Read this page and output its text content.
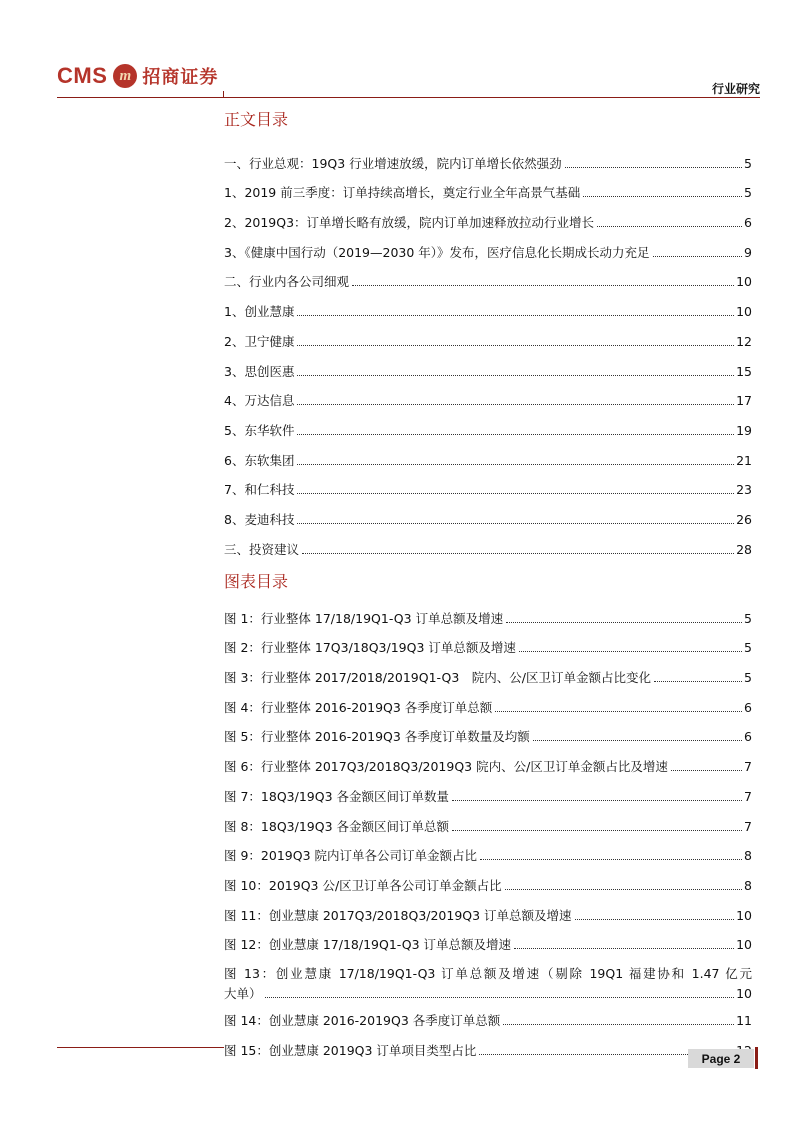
CMS m 招商证券
行业研究
正文目录
一、行业总观：19Q3 行业增速放缓，院内订单增长依然强劲	5
1、2019 前三季度：订单持续高增长，奠定行业全年高景气基础	5
2、2019Q3：订单增长略有放缓，院内订单加速释放拉动行业增长	6
3、《健康中国行动（2019—2030 年）》发布，医疗信息化长期成长动力充足	9
二、行业内各公司细观	10
1、创业慧康	10
2、卫宁健康	12
3、思创医惠	15
4、万达信息	17
5、东华软件	19
6、东软集团	21
7、和仁科技	23
8、麦迪科技	26
三、投资建议	28
图表目录
图 1：行业整体 17/18/19Q1-Q3 订单总额及增速	5
图 2：行业整体 17Q3/18Q3/19Q3 订单总额及增速	5
图 3：行业整体 2017/2018/2019Q1-Q3　院内、公/区卫订单金额占比变化	5
图 4：行业整体 2016-2019Q3 各季度订单总额	6
图 5：行业整体 2016-2019Q3 各季度订单数量及均额	6
图 6：行业整体 2017Q3/2018Q3/2019Q3 院内、公/区卫订单金额占比及增速	7
图 7：18Q3/19Q3 各金额区间订单数量	7
图 8：18Q3/19Q3 各金额区间订单总额	7
图 9：2019Q3 院内订单各公司订单金额占比	8
图 10：2019Q3 公/区卫订单各公司订单金额占比	8
图 11：创业慧康 2017Q3/2018Q3/2019Q3 订单总额及增速	10
图 12：创业慧康 17/18/19Q1-Q3 订单总额及增速	10
图 13：创业慧康 17/18/19Q1-Q3 订单总额及增速（剔除 19Q1 福建协和 1.47 亿元
大单）	10
图 14：创业慧康 2016-2019Q3 各季度订单总额	11
图 15：创业慧康 2019Q3 订单项目类型占比
Page 2
